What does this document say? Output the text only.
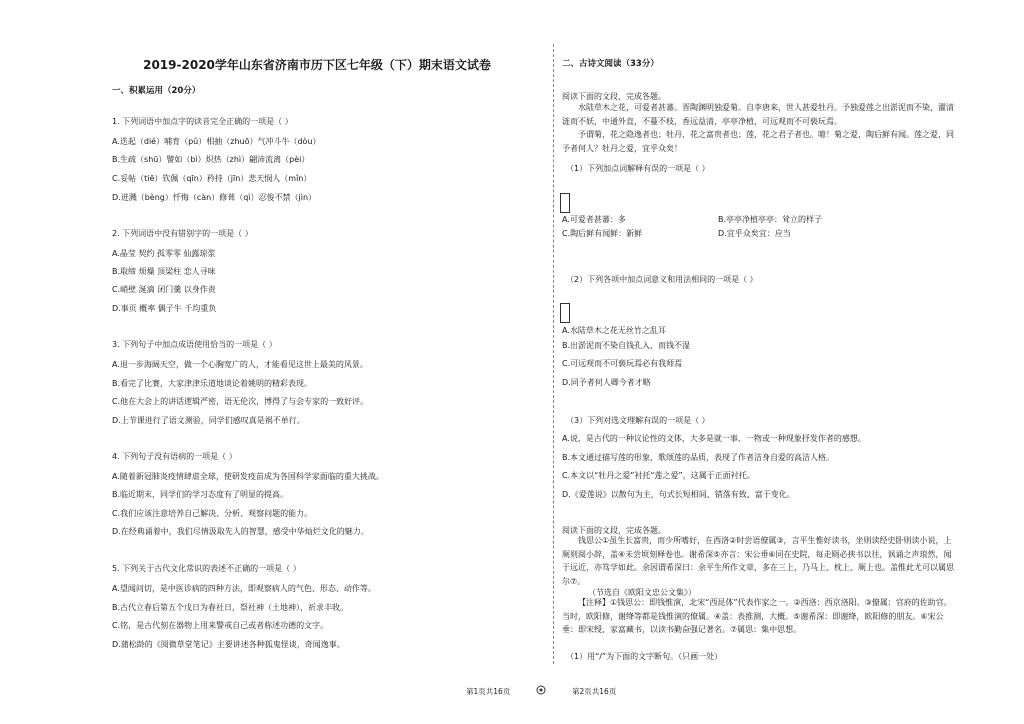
2019-2020学年山东省济南市历下区七年级（下）期末语文试卷
一、积累运用（20分）
1. 下列词语中加点字的读音完全正确的一项是（ ）
A.迭起（dié）哺育（pǔ）相抽（zhuō）气冲斗牛（dòu）
B.生疏（shū）譬如（bì）炽热（zhì）翩沛流离（pèi）
C.妥帖（tiē）钦佩（qīn）矜持（jīn）悲天悯人（mǐn）
D.迸溅（bèng）忏悔（càn）修葺（qì）忍俊不禁（jìn）
2. 下列词语中没有错别字的一项是（ ）
A.晶莹 契约 孤零零 仙露琼浆
B.取缔 烦燥 顶梁柱 恋人寻味
C.峭壁 涎滴 闭门羹 以身作责
D.事页 概率 偶子牛 千均重负
3. 下列句子中加点成语使用恰当的一项是（ ）
A.退一步海阔天空，做一个心胸宽广的人，才能看见这世上最美的风景。
B.看完了比赛，大家津津乐道地谈论着姚明的精彩表现。
C.他在大会上的讲话逻辑严密，语无伦次，博得了与会专家的一致好评。
D.上节课进行了语文测验，同学们感叹真是祸不单行。
4. 下列句子没有语病的一项是（ ）
A.随着新冠肺炎疫情肆虐全球，使研发疫苗成为各国科学家面临的重大挑战。
B.临近期末，同学们的学习态度有了明显的提高。
C.我们应该注意培养自己解决、分析、观察问题的能力。
D.在经典诵着中，我们尽情汲取先人的智慧，感受中华灿烂文化的魅力。
5. 下列关于古代文化常识的表述不正确的一项是（ ）
A.望闻问切，是中医诊病的四种方法，即观察病人的气色、形态、动作等。
B.古代立春后第五个戊日为春社日，祭社神（土地神），祈求丰收。
C.铭，是古代刻在器物上用来警戒自己或者称述功德的文字。
D.蒲松龄的《阅微草堂笔记》主要讲述各种狐鬼怪谈，奇闻逸事。
二、古诗文阅读（33分）
阅读下面的文段，完成各题。
水陆草木之花，可爱者甚蕃。晋陶渊明独爱菊。自李唐来，世人甚爱牡丹。予独爱莲之出淤泥而不染，濯清涟而不妖，中通外直，不蔓不枝，香远益清，亭亭净植，可远观而不可亵玩焉。
予谓菊，花之隐逸者也；牡丹，花之富贵者也；莲，花之君子者也。噫！菊之爱，陶后鲜有闻。莲之爱，同予者何人？牡丹之爱，宜乎众矣！
（1）下列加点词解释有误的一项是（ ）
A.可爱者甚蕃：多	B.亭亭净植亭亭：耸立的样子
C.陶后鲜有闻鲜：新鲜	D.宜乎众矣宜：应当
（2）下列各项中加点词意义和用法相同的一项是（ ）
A.水陆草木之花无丝竹之乱耳
B.出淤泥而不染自钱孔入，而钱不湿
C.可远观而不可亵玩焉必有我师焉
D.同予者何人卿今者才略
（3）下列对选文理解有误的一项是（ ）
A.说，是古代的一种议论性的文体，大多是就一事、一物或一种现象抒发作者的感想。
B.本文通过描写莲的形象，歌颂莲的品质，表现了作者洁身自爱的高洁人格。
C.本文以“牡丹之爱”衬托“莲之爱”，这属于正面衬托。
D.《爱莲说》以散句为主，句式长短相间、错落有致、富于变化。
阅读下面的文段，完成各题。
钱思公①虽生长富贵，而少所嗜好，在西洛②时尝语僚属③，言平生惟好读书，坐则读经史卧则读小说，上厕则阅小辞，盖④未尝顷刻释卷也。谢希深⑤亦言：宋公垂⑥同在史院，每走厕必挟书以往，讽诵之声琅然，闻于远近，亦笃学如此。余因谓希深曰：余平生所作文章，多在三上，乃马上、枕上、厕上也。盖惟此尤可以属思尔⑦。
（节选自《欧阳文忠公文集》）
【注释】①钱思公：即钱惟演，北宋“西昆体”代表作家之一。②西洛：西京洛阳。③僚属：官府的佐助官。当时，欧阳修，谢绛等都是钱惟演的僚属。④盖：表推测，大概。⑤谢希深：即谢绛，欧阳修的朋友。⑥宋公垂：即宋绶，家富藏书，以读书勤奋强记著名。⑦属思：集中思想。
（1）用“/”为下面的文字断句。（只画一处）
第1页共16页	第2页共16页
